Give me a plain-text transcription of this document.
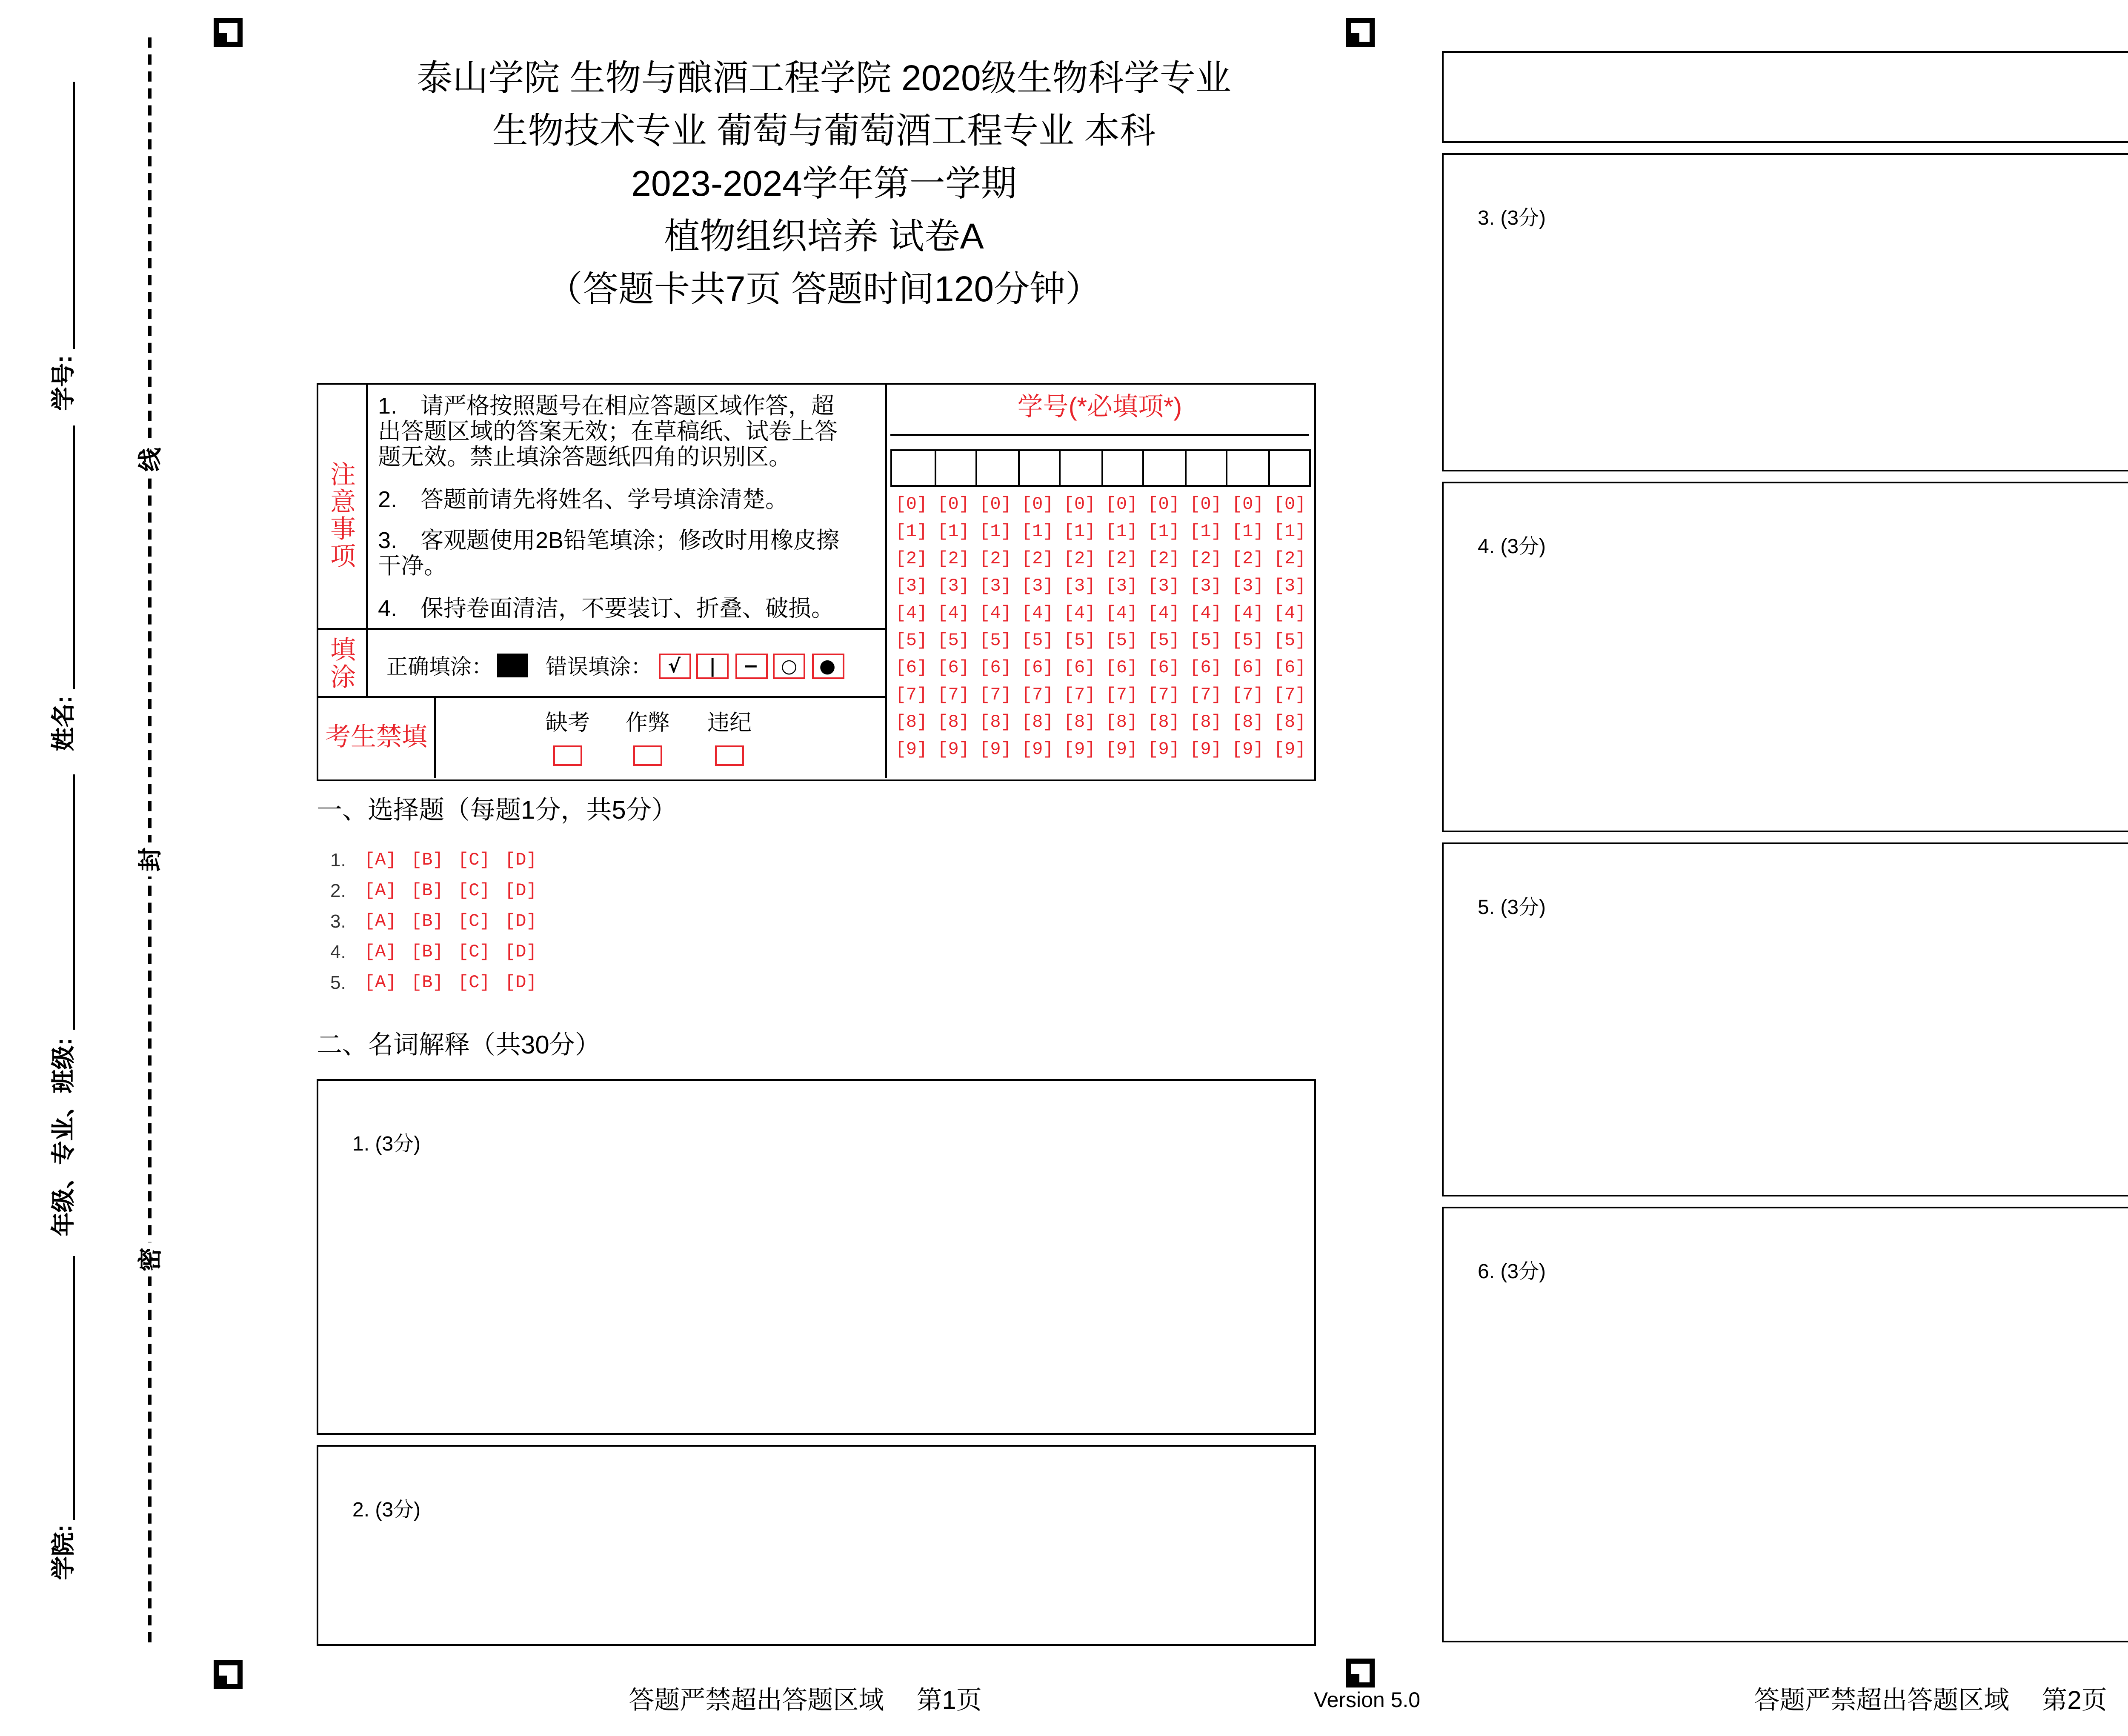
学号:
姓名:
年级、专业、班级:
学院:
线
封
密
泰山学院 生物与酿酒工程学院 2020级生物科学专业
生物技术专业 葡萄与葡萄酒工程专业 本科
2023-2024学年第一学期
植物组织培养 试卷A
（答题卡共7页 答题时间120分钟）
注意事项
1.	请严格按照题号在相应答题区域作答，超出答题区域的答案无效；在草稿纸、试卷上答题无效。禁止填涂答题纸四角的识别区。
2.	答题前请先将姓名、学号填涂清楚。
3.	客观题使用2B铅笔填涂；修改时用橡皮擦干净。
4.	保持卷面清洁，不要装订、折叠、破损。
填涂	正确填涂：	错误填涂：	√	|	−	○	●
考生禁填
缺考	作弊	违纪
学号(*必填项*)
[0]	[0]	[0]	[0]	[0]	[0]	[0]	[0]	[0]	[0]
[1]	[1]	[1]	[1]	[1]	[1]	[1]	[1]	[1]	[1]
[2]	[2]	[2]	[2]	[2]	[2]	[2]	[2]	[2]	[2]
[3]	[3]	[3]	[3]	[3]	[3]	[3]	[3]	[3]	[3]
[4]	[4]	[4]	[4]	[4]	[4]	[4]	[4]	[4]	[4]
[5]	[5]	[5]	[5]	[5]	[5]	[5]	[5]	[5]	[5]
[6]	[6]	[6]	[6]	[6]	[6]	[6]	[6]	[6]	[6]
[7]	[7]	[7]	[7]	[7]	[7]	[7]	[7]	[7]	[7]
[8]	[8]	[8]	[8]	[8]	[8]	[8]	[8]	[8]	[8]
[9]	[9]	[9]	[9]	[9]	[9]	[9]	[9]	[9]	[9]
一、选择题（每题1分，共5分）
1.	[A]	[B]	[C]	[D]
2.	[A]	[B]	[C]	[D]
3.	[A]	[B]	[C]	[D]
4.	[A]	[B]	[C]	[D]
5.	[A]	[B]	[C]	[D]
二、名词解释（共30分）
1. (3分)
2. (3分)
3. (3分)
4. (3分)
5. (3分)
6. (3分)
答题严禁超出答题区域	第1页	Version 5.0	答题严禁超出答题区域	第2页
